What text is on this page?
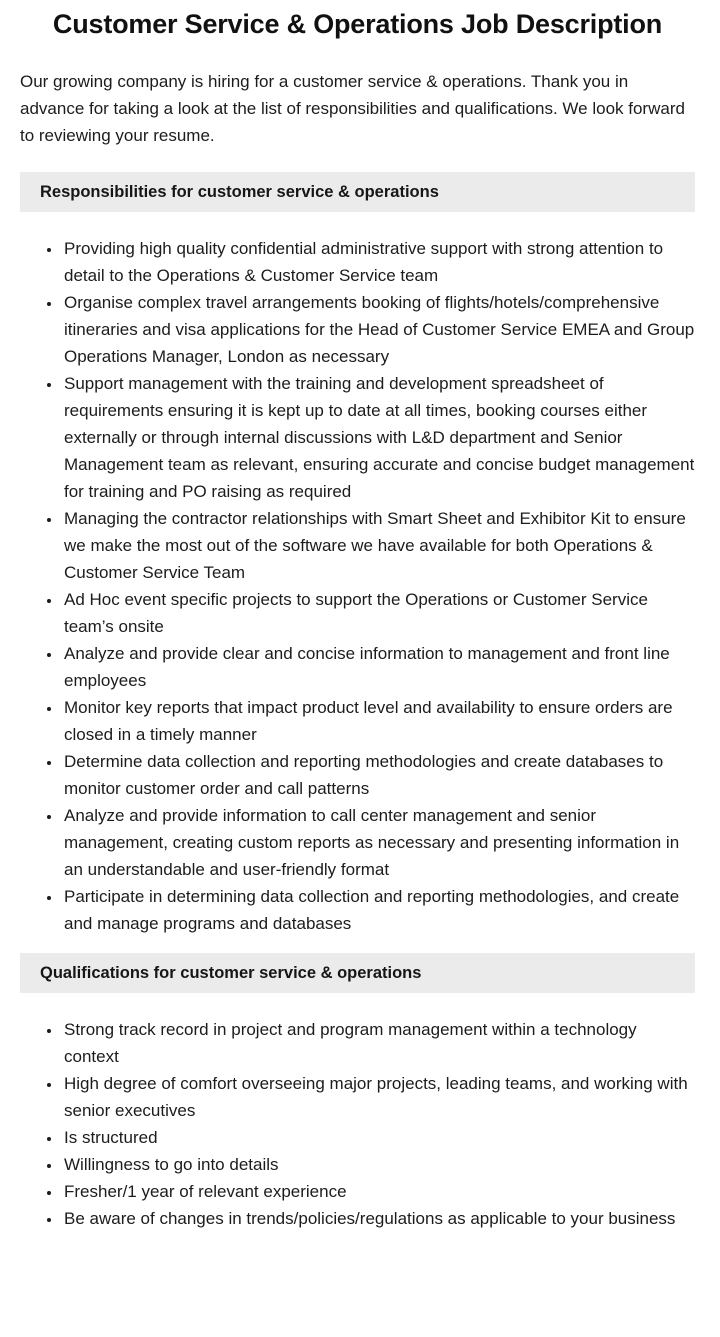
Customer Service & Operations Job Description

Our growing company is hiring for a customer service & operations. Thank you in advance for taking a look at the list of responsibilities and qualifications. We look forward to reviewing your resume.

Responsibilities for customer service & operations
• Providing high quality confidential administrative support with strong attention to detail to the Operations & Customer Service team
• Organise complex travel arrangements booking of flights/hotels/comprehensive itineraries and visa applications for the Head of Customer Service EMEA and Group Operations Manager, London as necessary
• Support management with the training and development spreadsheet of requirements ensuring it is kept up to date at all times, booking courses either externally or through internal discussions with L&D department and Senior Management team as relevant, ensuring accurate and concise budget management for training and PO raising as required
• Managing the contractor relationships with Smart Sheet and Exhibitor Kit to ensure we make the most out of the software we have available for both Operations & Customer Service Team
• Ad Hoc event specific projects to support the Operations or Customer Service team’s onsite
• Analyze and provide clear and concise information to management and front line employees
• Monitor key reports that impact product level and availability to ensure orders are closed in a timely manner
• Determine data collection and reporting methodologies and create databases to monitor customer order and call patterns
• Analyze and provide information to call center management and senior management, creating custom reports as necessary and presenting information in an understandable and user-friendly format
• Participate in determining data collection and reporting methodologies, and create and manage programs and databases
Qualifications for customer service & operations
• Strong track record in project and program management within a technology context
• High degree of comfort overseeing major projects, leading teams, and working with senior executives
• Is structured
• Willingness to go into details
• Fresher/1 year of relevant experience
• Be aware of changes in trends/policies/regulations as applicable to your business
